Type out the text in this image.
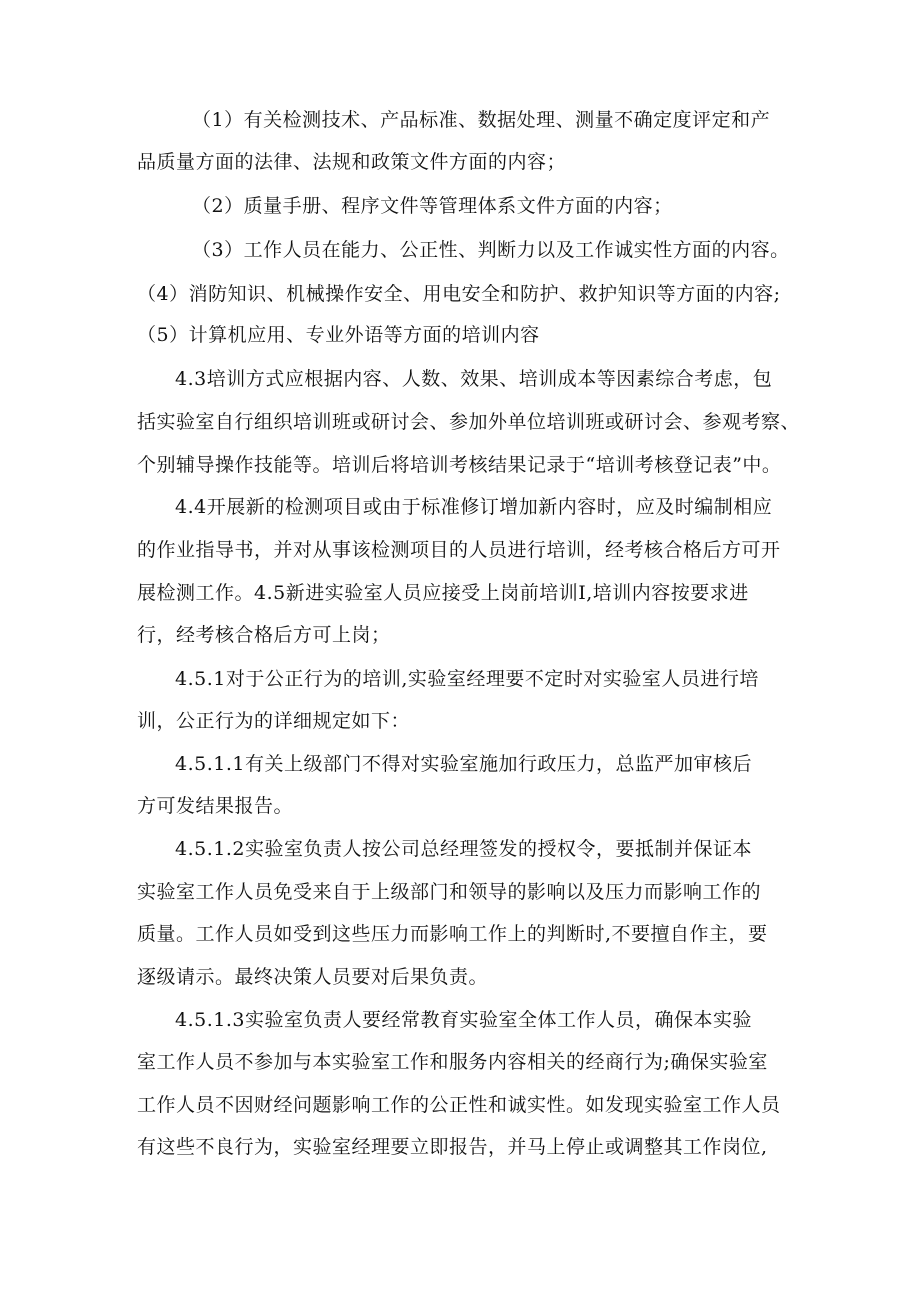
（1）有关检测技术、产品标准、数据处理、测量不确定度评定和产
品质量方面的法律、法规和政策文件方面的内容；
（2）质量手册、程序文件等管理体系文件方面的内容；
（3）工作人员在能力、公正性、判断力以及工作诚实性方面的内容。
（4）消防知识、机械操作安全、用电安全和防护、救护知识等方面的内容;
（5）计算机应用、专业外语等方面的培训内容
4.3培训方式应根据内容、人数、效果、培训成本等因素综合考虑，包
括实验室自行组织培训班或研讨会、参加外单位培训班或研讨会、参观考察、
个别辅导操作技能等。培训后将培训考核结果记录于“培训考核登记表”中。
4.4开展新的检测项目或由于标准修订增加新内容时，应及时编制相应
的作业指导书，并对从事该检测项目的人员进行培训，经考核合格后方可开
展检测工作。4.5新进实验室人员应接受上岗前培训I,培训内容按要求进
行，经考核合格后方可上岗；
4.5.1对于公正行为的培训,实验室经理要不定时对实验室人员进行培
训，公正行为的详细规定如下：
4.5.1.1有关上级部门不得对实验室施加行政压力，总监严加审核后
方可发结果报告。
4.5.1.2实验室负责人按公司总经理签发的授权令，要抵制并保证本
实验室工作人员免受来自于上级部门和领导的影响以及压力而影响工作的
质量。工作人员如受到这些压力而影响工作上的判断时,不要擅自作主，要
逐级请示。最终决策人员要对后果负责。
4.5.1.3实验室负责人要经常教育实验室全体工作人员，确保本实验
室工作人员不参加与本实验室工作和服务内容相关的经商行为;确保实验室
工作人员不因财经问题影响工作的公正性和诚实性。如发现实验室工作人员
有这些不良行为，实验室经理要立即报告，并马上停止或调整其工作岗位,
